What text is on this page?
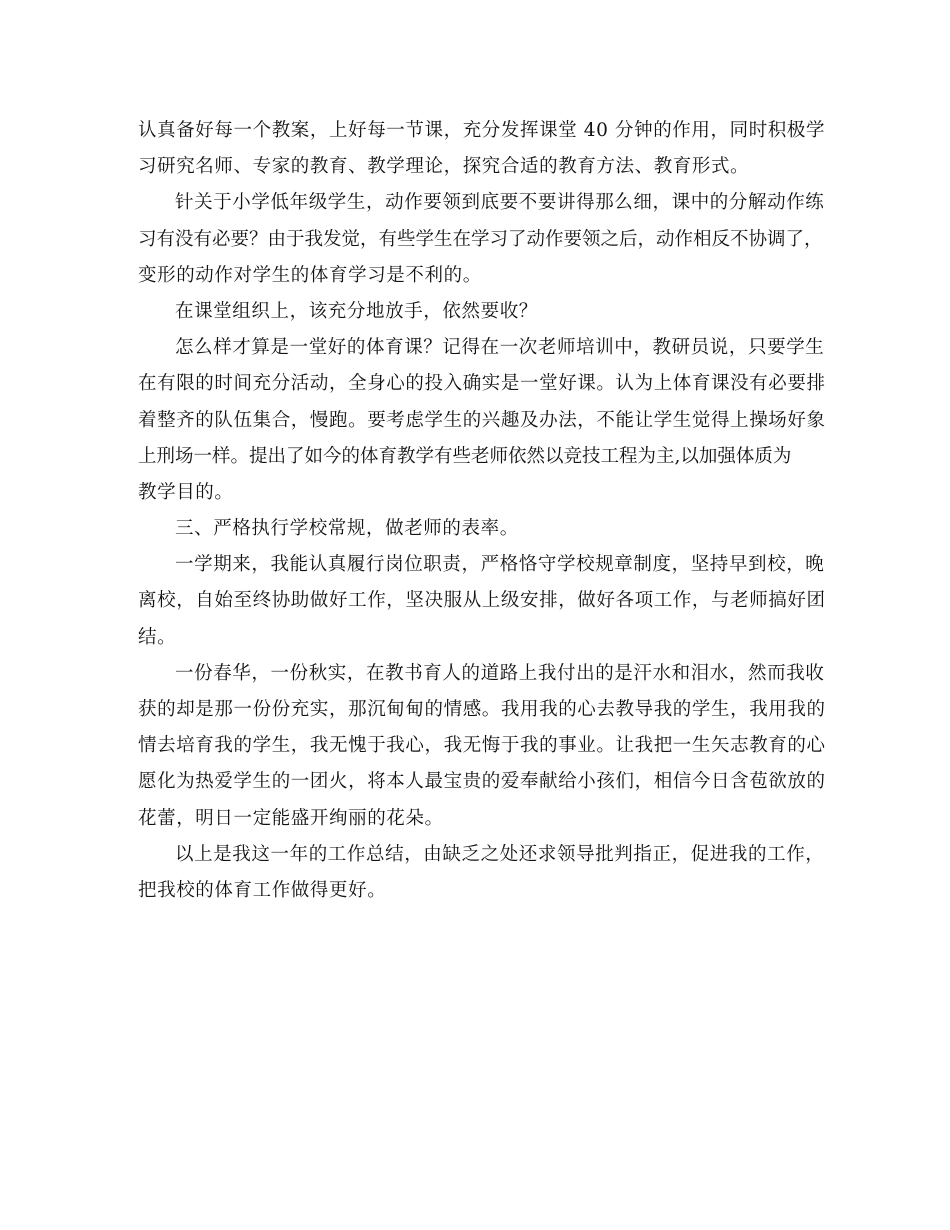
认真备好每一个教案，上好每一节课，充分发挥课堂 40 分钟的作用，同时积极学
习研究名师、专家的教育、教学理论，探究合适的教育方法、教育形式。
针关于小学低年级学生，动作要领到底要不要讲得那么细，课中的分解动作练
习有没有必要？由于我发觉，有些学生在学习了动作要领之后，动作相反不协调了，
变形的动作对学生的体育学习是不利的。
在课堂组织上，该充分地放手，依然要收？
怎么样才算是一堂好的体育课？记得在一次老师培训中，教研员说，只要学生
在有限的时间充分活动，全身心的投入确实是一堂好课。认为上体育课没有必要排
着整齐的队伍集合，慢跑。要考虑学生的兴趣及办法，不能让学生觉得上操场好象
上刑场一样。提出了如今的体育教学有些老师依然以竞技工程为主,以加强体质为
教学目的。
三、严格执行学校常规，做老师的表率。
一学期来，我能认真履行岗位职责，严格恪守学校规章制度，坚持早到校，晚
离校，自始至终协助做好工作，坚决服从上级安排，做好各项工作，与老师搞好团
结。
一份春华，一份秋实，在教书育人的道路上我付出的是汗水和泪水，然而我收
获的却是那一份份充实，那沉甸甸的情感。我用我的心去教导我的学生，我用我的
情去培育我的学生，我无愧于我心，我无悔于我的事业。让我把一生矢志教育的心
愿化为热爱学生的一团火，将本人最宝贵的爱奉献给小孩们，相信今日含苞欲放的
花蕾，明日一定能盛开绚丽的花朵。
以上是我这一年的工作总结，由缺乏之处还求领导批判指正，促进我的工作，
把我校的体育工作做得更好。
